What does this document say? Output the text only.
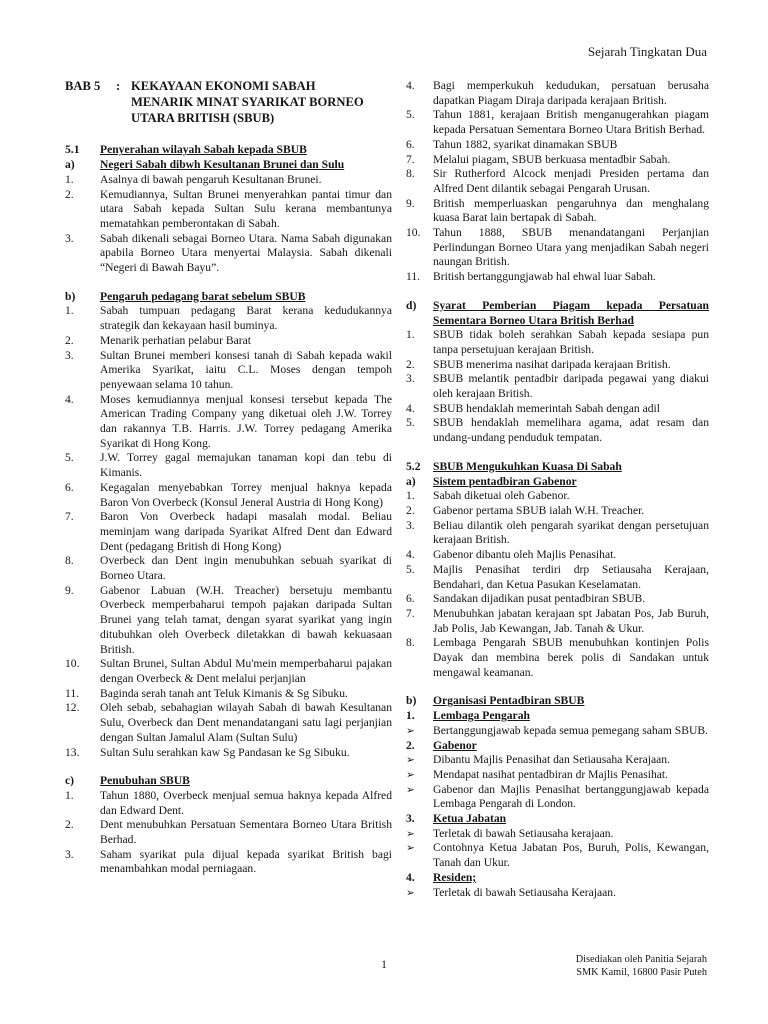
Sejarah Tingkatan Dua
BAB 5	: KEKAYAAN EKONOMI SABAH
MENARIK MINAT SYARIKAT BORNEO
UTARA BRITISH (SBUB)
5.1 Penyerahan wilayah Sabah kepada SBUB
a) Negeri Sabah dibwh Kesultanan Brunei dan Sulu
1. Asalnya di bawah pengaruh Kesultanan Brunei.
2. Kemudiannya, Sultan Brunei menyerahkan pantai timur dan utara Sabah kepada Sultan Sulu kerana membantunya mematahkan pemberontakan di Sabah.
3. Sabah dikenali sebagai Borneo Utara. Nama Sabah digunakan apabila Borneo Utara menyertai Malaysia. Sabah dikenali “Negeri di Bawah Bayu”.
b) Pengaruh pedagang barat sebelum SBUB
1. Sabah tumpuan pedagang Barat kerana kedudukannya strategik dan kekayaan hasil buminya.
2. Menarik perhatian pelabur Barat
3. Sultan Brunei memberi konsesi tanah di Sabah kepada wakil Amerika Syarikat, iaitu C.L. Moses dengan tempoh penyewaan selama 10 tahun.
4. Moses kemudiannya menjual konsesi tersebut kepada The American Trading Company yang diketuai oleh J.W. Torrey dan rakannya T.B. Harris. J.W. Torrey pedagang Amerika Syarikat di Hong Kong.
5. J.W. Torrey gagal memajukan tanaman kopi dan tebu di Kimanis.
6. Kegagalan menyebabkan Torrey menjual haknya kepada Baron Von Overbeck (Konsul Jeneral Austria di Hong Kong)
7. Baron Von Overbeck hadapi masalah modal. Beliau meminjam wang daripada Syarikat Alfred Dent dan Edward Dent (pedagang British di Hong Kong)
8. Overbeck dan Dent ingin menubuhkan sebuah syarikat di Borneo Utara.
9. Gabenor Labuan (W.H. Treacher) bersetuju membantu Overbeck memperbaharui tempoh pajakan daripada Sultan Brunei yang telah tamat, dengan syarat syarikat yang ingin ditubuhkan oleh Overbeck diletakkan di bawah kekuasaan British.
10. Sultan Brunei, Sultan Abdul Mu'mein memperbaharui pajakan dengan Overbeck & Dent melalui perjanjian
11. Baginda serah tanah ant Teluk Kimanis & Sg Sibuku.
12. Oleh sebab, sebahagian wilayah Sabah di bawah Kesultanan Sulu, Overbeck dan Dent menandatangani satu lagi perjanjian dengan Sultan Jamalul Alam (Sultan Sulu)
13. Sultan Sulu serahkan kaw Sg Pandasan ke Sg Sibuku.
c) Penubuhan SBUB
1. Tahun 1880, Overbeck menjual semua haknya kepada Alfred dan Edward Dent.
2. Dent menubuhkan Persatuan Sementara Borneo Utara British Berhad.
3. Saham syarikat pula dijual kepada syarikat British bagi menambahkan modal perniagaan.
4. Bagi memperkukuh kedudukan, persatuan berusaha dapatkan Piagam Diraja daripada kerajaan British.
5. Tahun 1881, kerajaan British menganugerahkan piagam kepada Persatuan Sementara Borneo Utara British Berhad.
6. Tahun 1882, syarikat dinamakan SBUB
7. Melalui piagam, SBUB berkuasa mentadbir Sabah.
8. Sir Rutherford Alcock menjadi Presiden pertama dan Alfred Dent dilantik sebagai Pengarah Urusan.
9. British memperluaskan pengaruhnya dan menghalang kuasa Barat lain bertapak di Sabah.
10. Tahun 1888, SBUB menandatangani Perjanjian Perlindungan Borneo Utara yang menjadikan Sabah negeri naungan British.
11. British bertanggungjawab hal ehwal luar Sabah.
d) Syarat Pemberian Piagam kepada Persatuan Sementara Borneo Utara British Berhad
1. SBUB tidak boleh serahkan Sabah kepada sesiapa pun tanpa persetujuan kerajaan British.
2. SBUB menerima nasihat daripada kerajaan British.
3. SBUB melantik pentadbir daripada pegawai yang diakui oleh kerajaan British.
4. SBUB hendaklah memerintah Sabah dengan adil
5. SBUB hendaklah memelihara agama, adat resam dan undang-undang penduduk tempatan.
5.2 SBUB Mengukuhkan Kuasa Di Sabah
a) Sistem pentadbiran Gabenor
1. Sabah diketuai oleh Gabenor.
2. Gabenor pertama SBUB ialah W.H. Treacher.
3. Beliau dilantik oleh pengarah syarikat dengan persetujuan kerajaan British.
4. Gabenor dibantu oleh Majlis Penasihat.
5. Majlis Penasihat terdiri drp Setiausaha Kerajaan, Bendahari, dan Ketua Pasukan Keselamatan.
6. Sandakan dijadikan pusat pentadbiran SBUB.
7. Menubuhkan jabatan kerajaan spt Jabatan Pos, Jab Buruh, Jab Polis, Jab Kewangan, Jab. Tanah & Ukur.
8. Lembaga Pengarah SBUB menubuhkan kontinjen Polis Dayak dan membina berek polis di Sandakan untuk mengawal keamanan.
b) Organisasi Pentadbiran SBUB
1. Lembaga Pengarah
➢ Bertanggungjawab kepada semua pemegang saham SBUB.
2. Gabenor
➢ Dibantu Majlis Penasihat dan Setiausaha Kerajaan.
➢ Mendapat nasihat pentadbiran dr Majlis Penasihat.
➢ Gabenor dan Majlis Penasihat bertanggungjawab kepada Lembaga Pengarah di London.
3. Ketua Jabatan
➢ Terletak di bawah Setiausaha kerajaan.
➢ Contohnya Ketua Jabatan Pos, Buruh, Polis, Kewangan, Tanah dan Ukur.
4. Residen;
➢ Terletak di bawah Setiausaha Kerajaan.
1	Disediakan oleh Panitia Sejarah
SMK Kamil, 16800 Pasir Puteh
